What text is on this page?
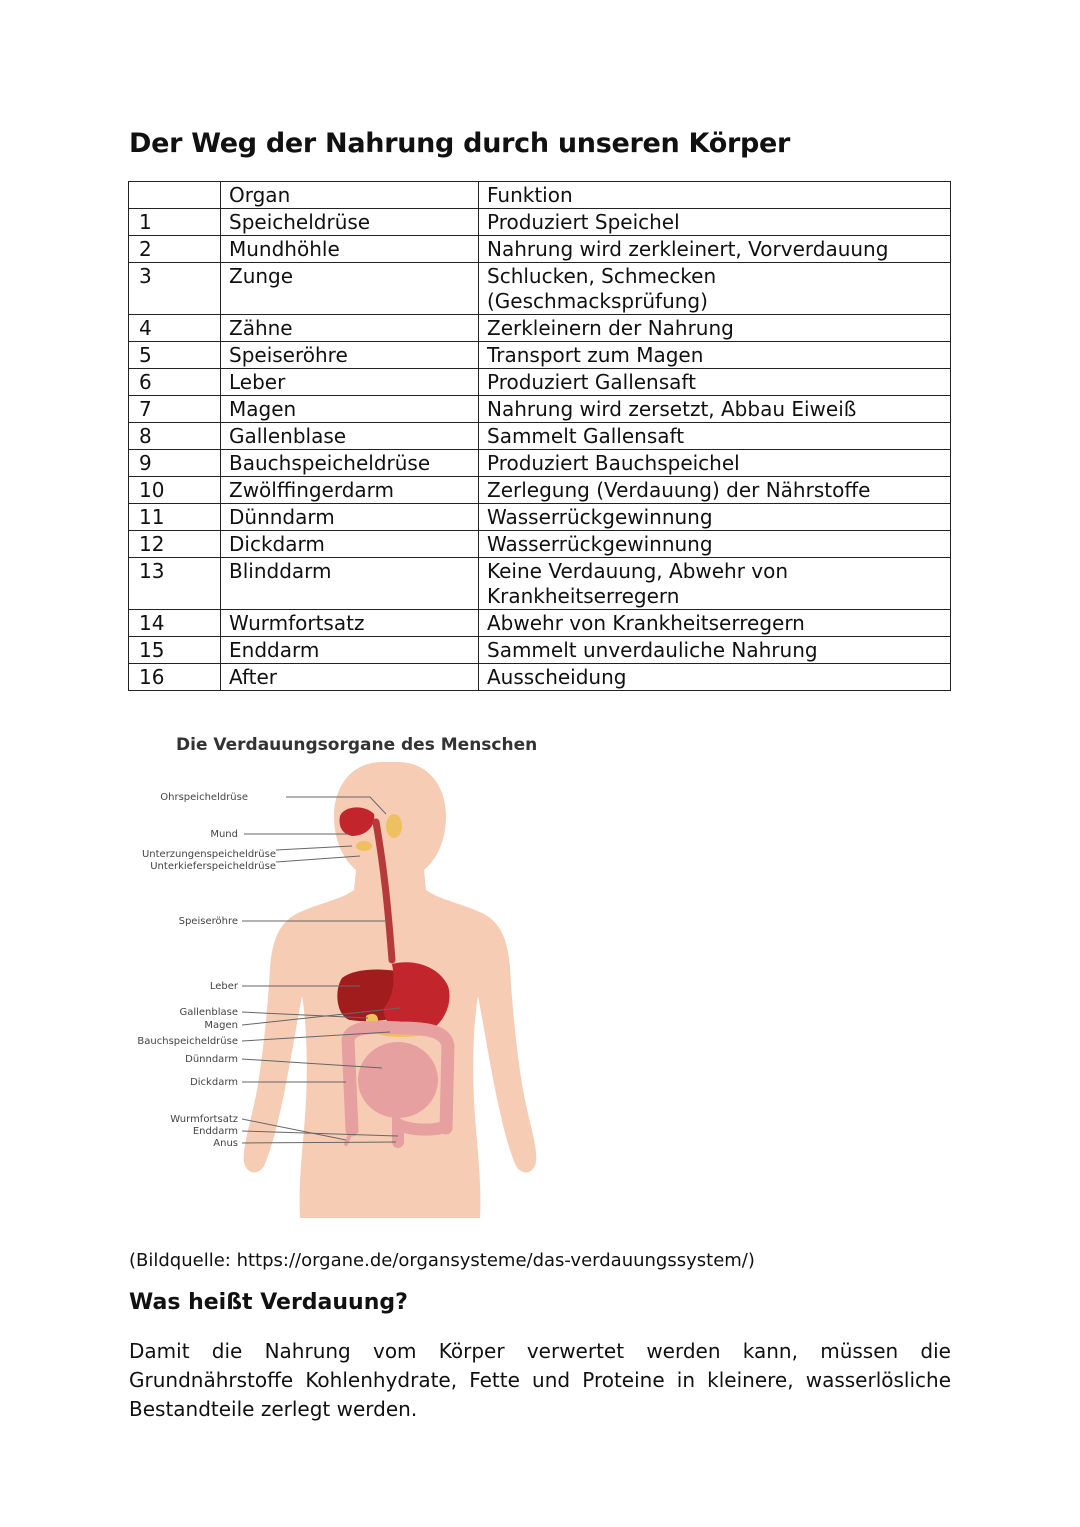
Der Weg der Nahrung durch unseren Körper
	Organ	Funktion
1	Speicheldrüse	Produziert Speichel
2	Mundhöhle	Nahrung wird zerkleinert, Vorverdauung
3	Zunge	Schlucken, Schmecken (Geschmacksprüfung)
4	Zähne	Zerkleinern der Nahrung
5	Speiseröhre	Transport zum Magen
6	Leber	Produziert Gallensaft
7	Magen	Nahrung wird zersetzt, Abbau Eiweiß
8	Gallenblase	Sammelt Gallensaft
9	Bauchspeicheldrüse	Produziert Bauchspeichel
10	Zwölffingerdarm	Zerlegung (Verdauung) der Nährstoffe
11	Dünndarm	Wasserrückgewinnung
12	Dickdarm	Wasserrückgewinnung
13	Blinddarm	Keine Verdauung, Abwehr von Krankheitserregern
14	Wurmfortsatz	Abwehr von Krankheitserregern
15	Enddarm	Sammelt unverdauliche Nahrung
16	After	Ausscheidung
Die Verdauungsorgane des Menschen
Ohrspeicheldrüse
Mund
Unterzungenspeicheldrüse
Unterkieferspeicheldrüse
Speiseröhre
Leber
Gallenblase
Magen
Bauchspeicheldrüse
Dünndarm
Dickdarm
Wurmfortsatz
Enddarm
Anus

(Bildquelle: https://organe.de/organsysteme/das-verdauungssystem/)

Was heißt Verdauung?

Damit die Nahrung vom Körper verwertet werden kann, müssen die Grundnährstoffe Kohlenhydrate, Fette und Proteine in kleinere, wasserlösliche Bestandteile zerlegt werden.
